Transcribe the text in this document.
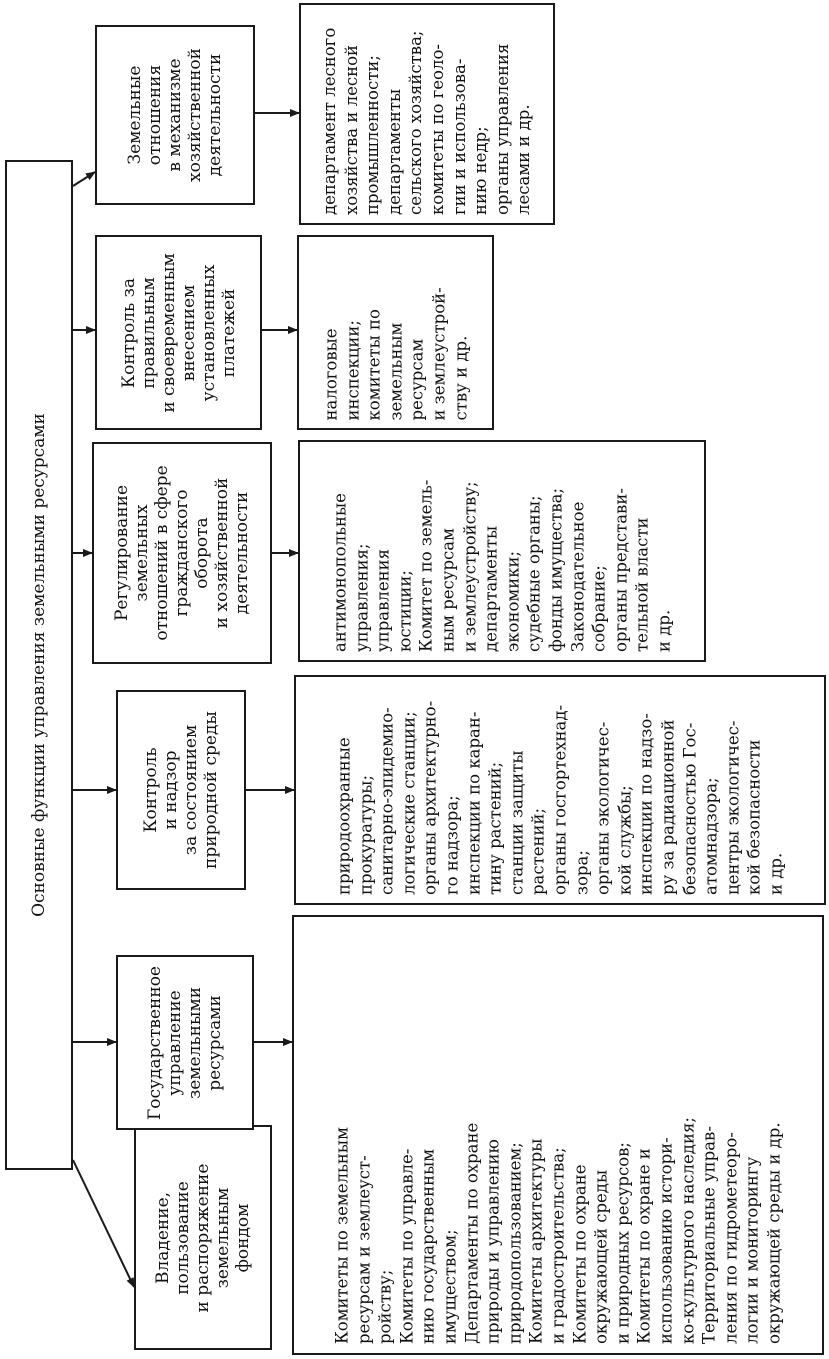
Основные функции управления земельными ресурсами
Владение, пользование и распоряжение земельным фондом
Государственное управление земельными ресурсами
Контроль и надзор за состоянием природной среды
Регулирование земельных отношений в сфере гражданского оборота и хозяйственной деятельности
Контроль за правильным и своевременным внесением установленных платежей
Земельные отношения в механизме хозяйственной деятельности
Комитеты по земельным ресурсам и землеуст- ройству; Комитеты по управле- нию государственным имуществом; Департаменты по охране природы и управлению природопользованием; Комитеты архитектуры и градостроительства; Комитеты по охране окружающей среды и природных ресурсов; Комитеты по охране и использованию истори- ко-культурного наследия; Территориальные управ- ления по гидрометеоро- логии и мониторингу окружающей среды и др.
природоохранные прокуратуры; санитарно-эпидемио- логические станции; органы архитектурно- го надзора; инспекции по каран- тину растений; станции защиты растений; органы госгортехнад- зора; органы экологичес- кой службы; инспекции по надзо- ру за радиационной безопасностью Гос- атомнадзора; центры экологичес- кой безопасности и др.
антимонопольные управления; управления юстиции; Комитет по земель- ным ресурсам и землеустройству; департаменты экономики; судебные органы; фонды имущества; Законодательное собрание; органы представи- тельной власти и др.
налоговые инспекции; комитеты по земельным ресурсам и землеустрой- ству и др.
департамент лесного хозяйства и лесной промышленности; департаменты сельского хозяйства; комитеты по геоло- гии и использова- нию недр; органы управления лесами и др.
